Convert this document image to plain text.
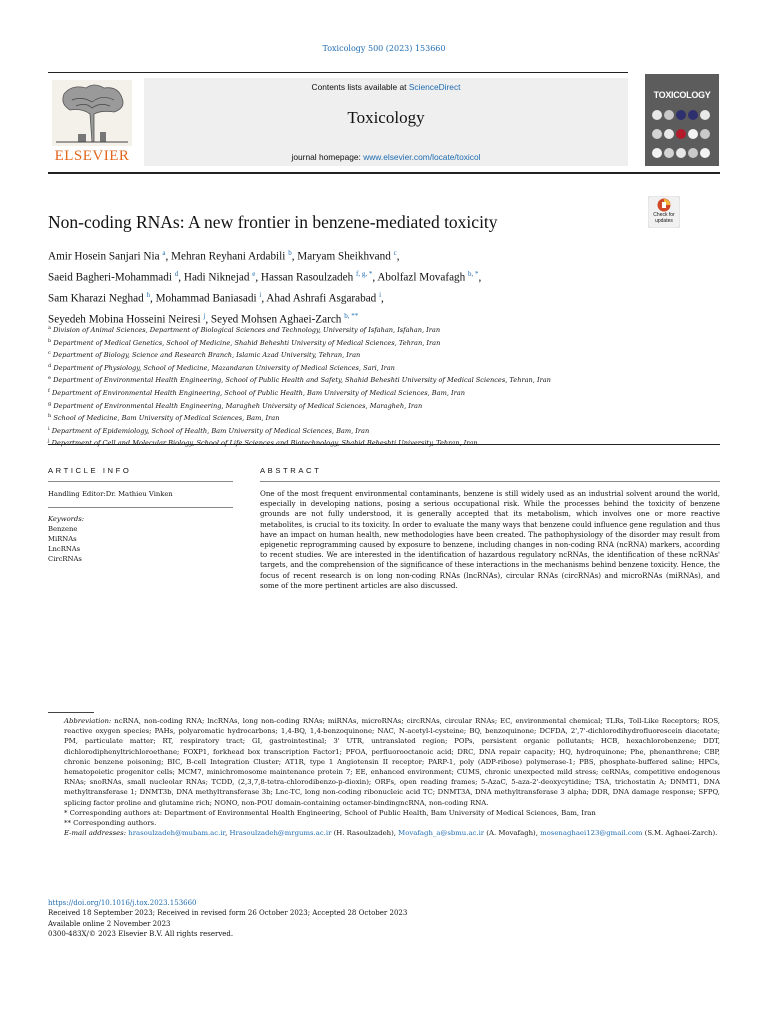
Toxicology 500 (2023) 153660
ELSEVIER
Contents lists available at ScienceDirect
Toxicology
journal homepage: www.elsevier.com/locate/toxicol
TOXICOLOGY

Check for updates
Non-coding RNAs: A new frontier in benzene-mediated toxicity
Amir Hosein Sanjari Nia $^a$, Mehran Reyhani Ardabili $^b$, Maryam Sheikhvand $^c$,
Saeid Bagheri-Mohammadi $^d$, Hadi Niknejad $^e$, Hassan Rasoulzadeh $^{f, g, *}$, Abolfazl Movafagh $^{b, *}$,
Sam Kharazi Neghad $^h$, Mohammad Baniasadi $^i$, Ahad Ashrafi Asgarabad $^i$,
Seyedeh Mobina Hosseini Neiresi $^j$, Seyed Mohsen Aghaei-Zarch $^{b, **}$
$^a$ Division of Animal Sciences, Department of Biological Sciences and Technology, University of Isfahan, Isfahan, Iran
$^b$ Department of Medical Genetics, School of Medicine, Shahid Beheshti University of Medical Sciences, Tehran, Iran
$^c$ Department of Biology, Science and Research Branch, Islamic Azad University, Tehran, Iran
$^d$ Department of Physiology, School of Medicine, Mazandaran University of Medical Sciences, Sari, Iran
$^e$ Department of Environmental Health Engineering, School of Public Health and Safety, Shahid Beheshti University of Medical Sciences, Tehran, Iran
$^f$ Department of Environmental Health Engineering, School of Public Health, Bam University of Medical Sciences, Bam, Iran
$^g$ Department of Environmental Health Engineering, Maragheh University of Medical Sciences, Maragheh, Iran
$^h$ School of Medicine, Bam University of Medical Sciences, Bam, Iran
$^i$ Department of Epidemiology, School of Health, Bam University of Medical Sciences, Bam, Iran
$^j$
ARTICLE INFO
Handling Editor:Dr. Mathieu Vinken
Keywords:
Benzene
MiRNAs
LncRNAs
CircRNAs
ABSTRACT
One of the most frequent environmental contaminants, benzene is still widely used as an industrial solvent around the world, especially in developing nations, posing a serious occupational risk. While the processes behind the toxicity of benzene grounds are not fully understood, it is generally accepted that its metabolism, which involves one or more reactive metabolites, is crucial to its toxicity. In order to evaluate the many ways that benzene could influence gene regulation and thus have an impact on human health, new methodologies have been created. The pathophysiology of the disorder may result from epigenetic reprogramming caused by exposure to benzene, including changes in non-coding RNA (ncRNA) markers, according to recent studies. We are interested in the identification of hazardous regulatory ncRNAs, the identification of these ncRNAs' targets, and the comprehension of the significance of these interactions in the mechanisms behind benzene toxicity. Hence, the focus of recent research is on long non-coding RNAs (lncRNAs), circular RNAs (circRNAs) and microRNAs (miRNAs), and some of the more pertinent articles are also discussed.

Abbreviation: ncRNA, non-coding RNA; lncRNAs, long non-coding RNAs; miRNAs, microRNAs; circRNAs, circular RNAs; EC, environmental chemical; TLRs, Toll-Like Receptors; ROS, reactive oxygen species; PAHs, polyaromatic hydrocarbons; 1,4-BQ, 1,4-benzoquinone; NAC, N-acetyl-l-cysteine; BQ, benzoquinone; DCFDA, 2',7'-dichlorodihydrofluorescein diacetate; PM, particulate matter; RT, respiratory tract; GI, gastrointestinal; 3' UTR, untranslated region; POPs, persistent organic pollutants; HCB, hexachlorobenzene; DDT, dichlorodiphenyltrichloroethane; FOXP1, forkhead box transcription Factor1; PFOA, perfluorooctanoic acid; DRC, DNA repair capacity; HQ, hydroquinone; Phe, phenanthrene; CBP, chronic benzene poisoning; BIC, B-cell Integration Cluster; AT1R, type 1 Angiotensin II receptor; PARP-1, poly (ADP-ribose) polymerase-1; PBS, phosphate-buffered saline; HPCs, hematopoietic progenitor cells; MCM7, minichromosome maintenance protein 7; EE, enhanced environment; CUMS, chronic unexpected mild stress; ceRNAs, competitive endogenous RNAs; snoRNAs, small nucleolar RNAs; TCDD, (2,3,7,8-tetra-chlorodibenzo-p-dioxin); ORFs, open reading frames; 5-AzaC, 5-aza-2'-deoxycytidine; TSA, trichostatin A; DNMT1, DNA methyltransferase 1; DNMT3b, DNA methyltransferase 3b; Lnc-TC, long non-coding ribonucleic acid TC; DNMT3A, DNA methyltransferase 3 alpha; DDR, DNA damage response; SFPQ, splicing factor proline and glutamine rich; NONO, non-POU domain-containing octamer-bindingncRNA, non-coding RNA.

* Corresponding authors at: Department of Environmental Health Engineering, School of Public Health, Bam University of Medical Sciences, Bam, Iran

** Corresponding authors.

E-mail addresses: hrasoulzadeh@mubam.ac.ir, Hrasoulzadeh@mrgums.ac.ir (H. Rasoulzadeh), Movafagh_a@sbmu.ac.ir (A. Movafagh), mosenaghaei123@gmail.com (S.M. Aghaei-Zarch).

https://doi.org/10.1016/j.tox.2023.153660
Received 18 September 2023; Received in revised form 26 October 2023; Accepted 28 October 2023
Available online 2 November 2023
0300-483X/© 2023 Elsevier B.V. All rights reserved.
